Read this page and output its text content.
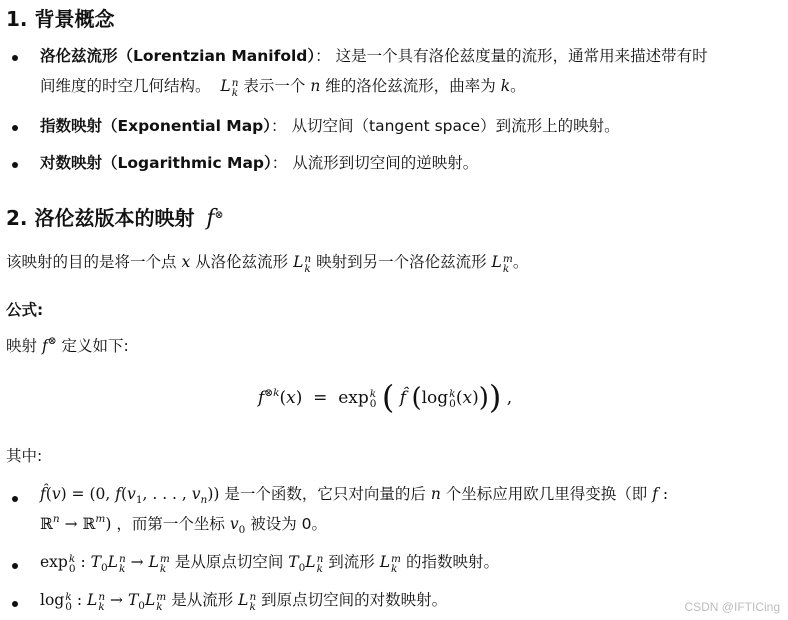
1. 背景概念
洛伦兹流形（Lorentzian Manifold）： 这是一个具有洛伦兹度量的流形，通常用来描述带有时
间维度的时空几何结构。  L n
k 表示一个 n 维的洛伦兹流形，曲率为 k。
指数映射（Exponential Map）： 从切空间（tangent space）到流形上的映射。
对数映射（Logarithmic Map）： 从流形到切空间的逆映射。
2. 洛伦兹版本的映射  f⊗
该映射的目的是将一个点 x 从洛伦兹流形 L n
k 映射到另一个洛伦兹流形 L m
k 。
公式:
映射 f⊗ 定义如下:
$f^{\otimes k}(x) = \exp k$
0 ( f̂ (log k
0 (x))) ,
其中:
f̂(v) = (0, $f(v_1$, . . . , $v_n$)) 是一个函数，它只对向量的后 n 个坐标应用欧几里得变换（即 f :
ℝ$^n$ → ℝ$^m$) ，而第一个坐标 $v_0$ 被设为 0。
exp k
0 : $T_0L$ n
k → L m
k 是从原点切空间 $T_0L$ n
k 到流形 L m
k 的指数映射。
log k
0 : L n
$k \to T_0L$ m
k 是从流形 L n
k 到原点切空间的对数映射。	CSDN @IFTICing
